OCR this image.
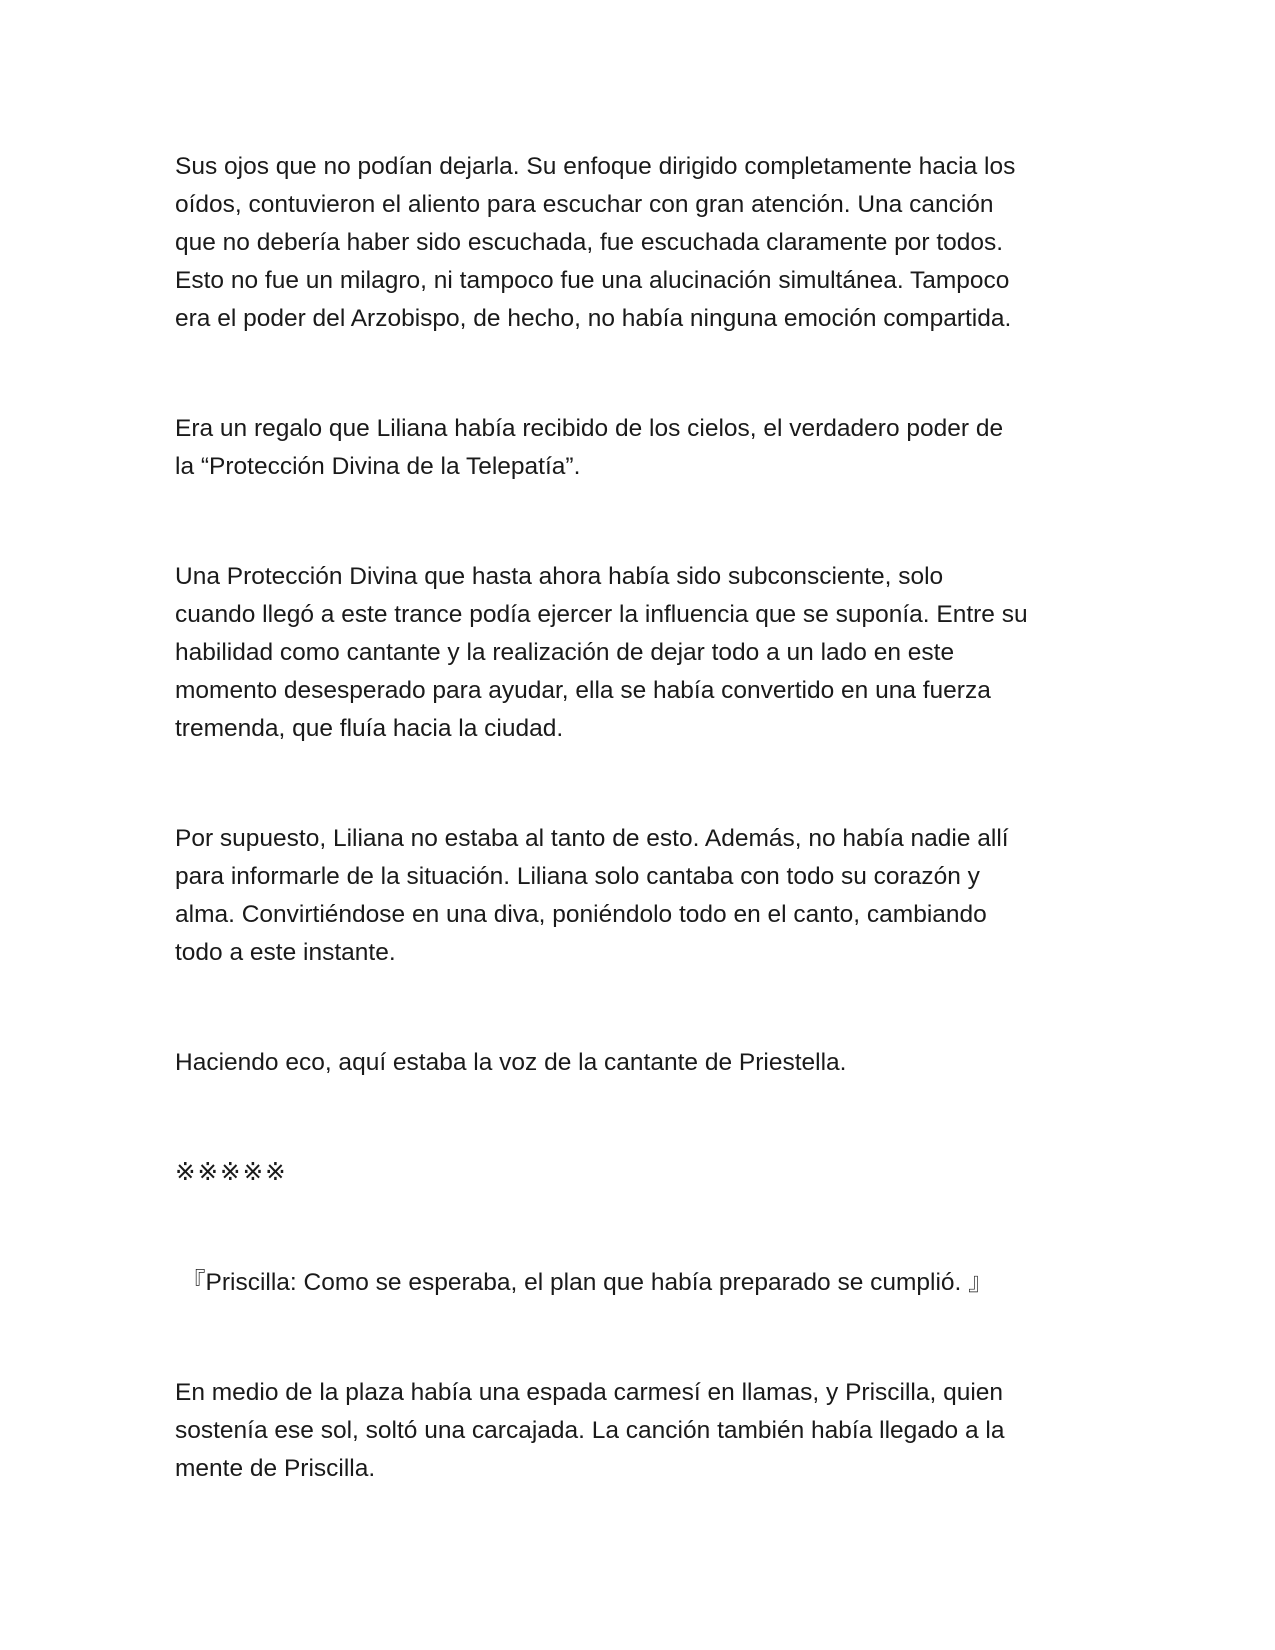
Sus ojos que no podían dejarla. Su enfoque dirigido completamente hacia los
oídos, contuvieron el aliento para escuchar con gran atención. Una canción
que no debería haber sido escuchada, fue escuchada claramente por todos.
Esto no fue un milagro, ni tampoco fue una alucinación simultánea. Tampoco
era el poder del Arzobispo, de hecho, no había ninguna emoción compartida.

Era un regalo que Liliana había recibido de los cielos, el verdadero poder de
la “Protección Divina de la Telepatía”.

Una Protección Divina que hasta ahora había sido subconsciente, solo
cuando llegó a este trance podía ejercer la influencia que se suponía. Entre su
habilidad como cantante y la realización de dejar todo a un lado en este
momento desesperado para ayudar, ella se había convertido en una fuerza
tremenda, que fluía hacia la ciudad.

Por supuesto, Liliana no estaba al tanto de esto. Además, no había nadie allí
para informarle de la situación. Liliana solo cantaba con todo su corazón y
alma. Convirtiéndose en una diva, poniéndolo todo en el canto, cambiando
todo a este instante.

Haciendo eco, aquí estaba la voz de la cantante de Priestella.

※※※※※

『Priscilla: Como se esperaba, el plan que había preparado se cumplió. 』

En medio de la plaza había una espada carmesí en llamas, y Priscilla, quien
sostenía ese sol, soltó una carcajada. La canción también había llegado a la
mente de Priscilla.
